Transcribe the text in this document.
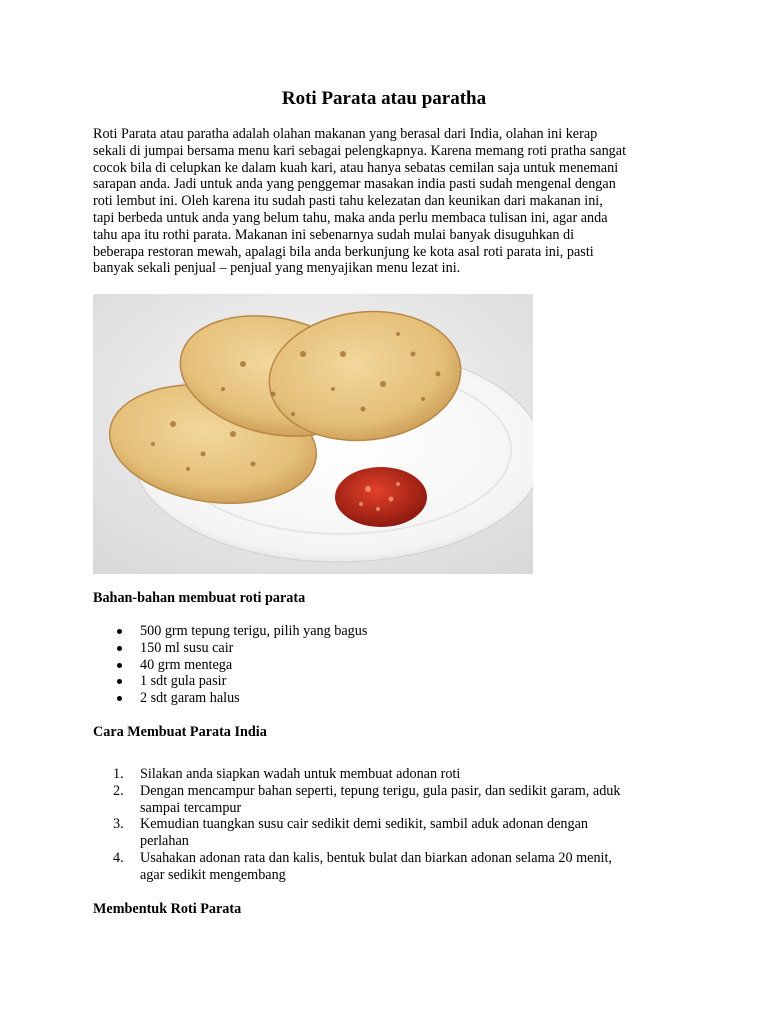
Roti Parata atau paratha
Roti Parata atau paratha adalah olahan makanan yang berasal dari India, olahan ini kerap
sekali di jumpai bersama menu kari sebagai pelengkapnya. Karena memang roti pratha sangat
cocok bila di celupkan ke dalam kuah kari, atau hanya sebatas cemilan saja untuk menemani
sarapan anda. Jadi untuk anda yang penggemar masakan india pasti sudah mengenal dengan
roti lembut ini. Oleh karena itu sudah pasti tahu kelezatan dan keunikan dari makanan ini,
tapi berbeda untuk anda yang belum tahu, maka anda perlu membaca tulisan ini, agar anda
tahu apa itu rothi parata. Makanan ini sebenarnya sudah mulai banyak disuguhkan di
beberapa restoran mewah, apalagi bila anda berkunjung ke kota asal roti parata ini, pasti
banyak sekali penjual – penjual yang menyajikan menu lezat ini.
Bahan-bahan membuat roti parata
500 grm tepung terigu, pilih yang bagus
150 ml susu cair
40 grm mentega
1 sdt gula pasir
2 sdt garam halus
Cara Membuat Parata India
1.	Silakan anda siapkan wadah untuk membuat adonan roti
2.	Dengan mencampur bahan seperti, tepung terigu, gula pasir, dan sedikit garam, aduk
sampai tercampur
3.	Kemudian tuangkan susu cair sedikit demi sedikit, sambil aduk adonan dengan
perlahan
4.	Usahakan adonan rata dan kalis, bentuk bulat dan biarkan adonan selama 20 menit,
agar sedikit mengembang
Membentuk Roti Parata
